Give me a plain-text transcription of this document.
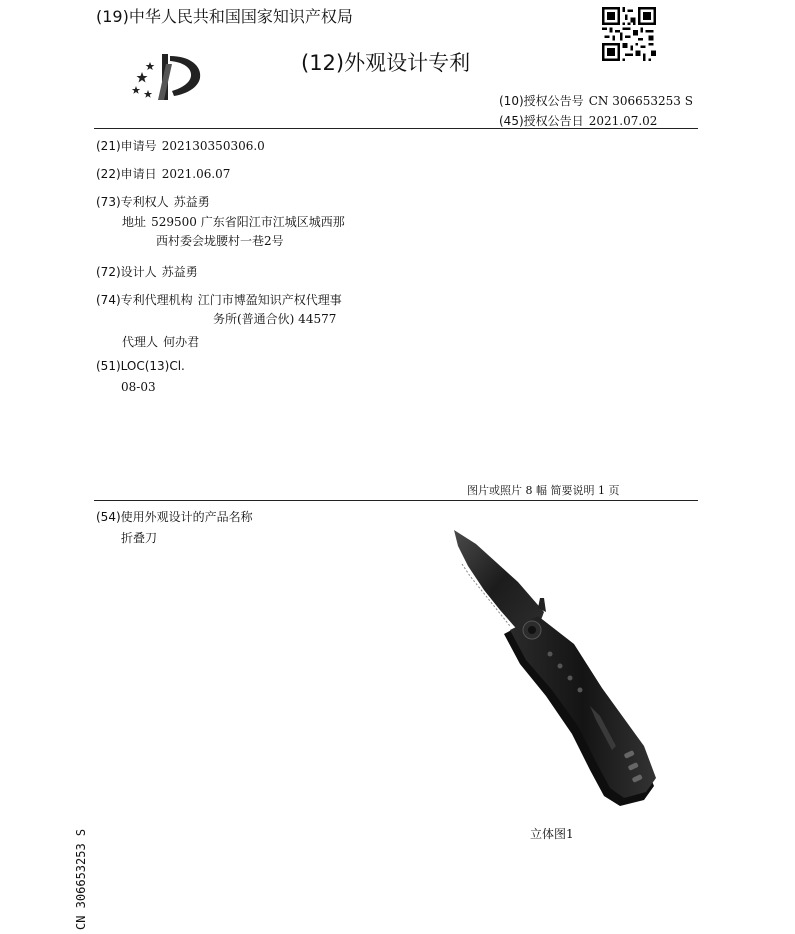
(19)中华人民共和国国家知识产权局
(12)外观设计专利
(10)授权公告号 CN 306653253 S
(45)授权公告日 2021.07.02
(21)申请号 202130350306.0
(22)申请日 2021.06.07
(73)专利权人 苏益勇
地址 529500 广东省阳江市江城区城西那
西村委会垅腰村一巷2号
(72)设计人 苏益勇
(74)专利代理机构 江门市博盈知识产权代理事
务所(普通合伙) 44577
代理人 何办君
(51)LOC(13)Cl.
08-03
图片或照片 8 幅 简要说明 1 页
(54)使用外观设计的产品名称
折叠刀
立体图1
CN 306653253 S
